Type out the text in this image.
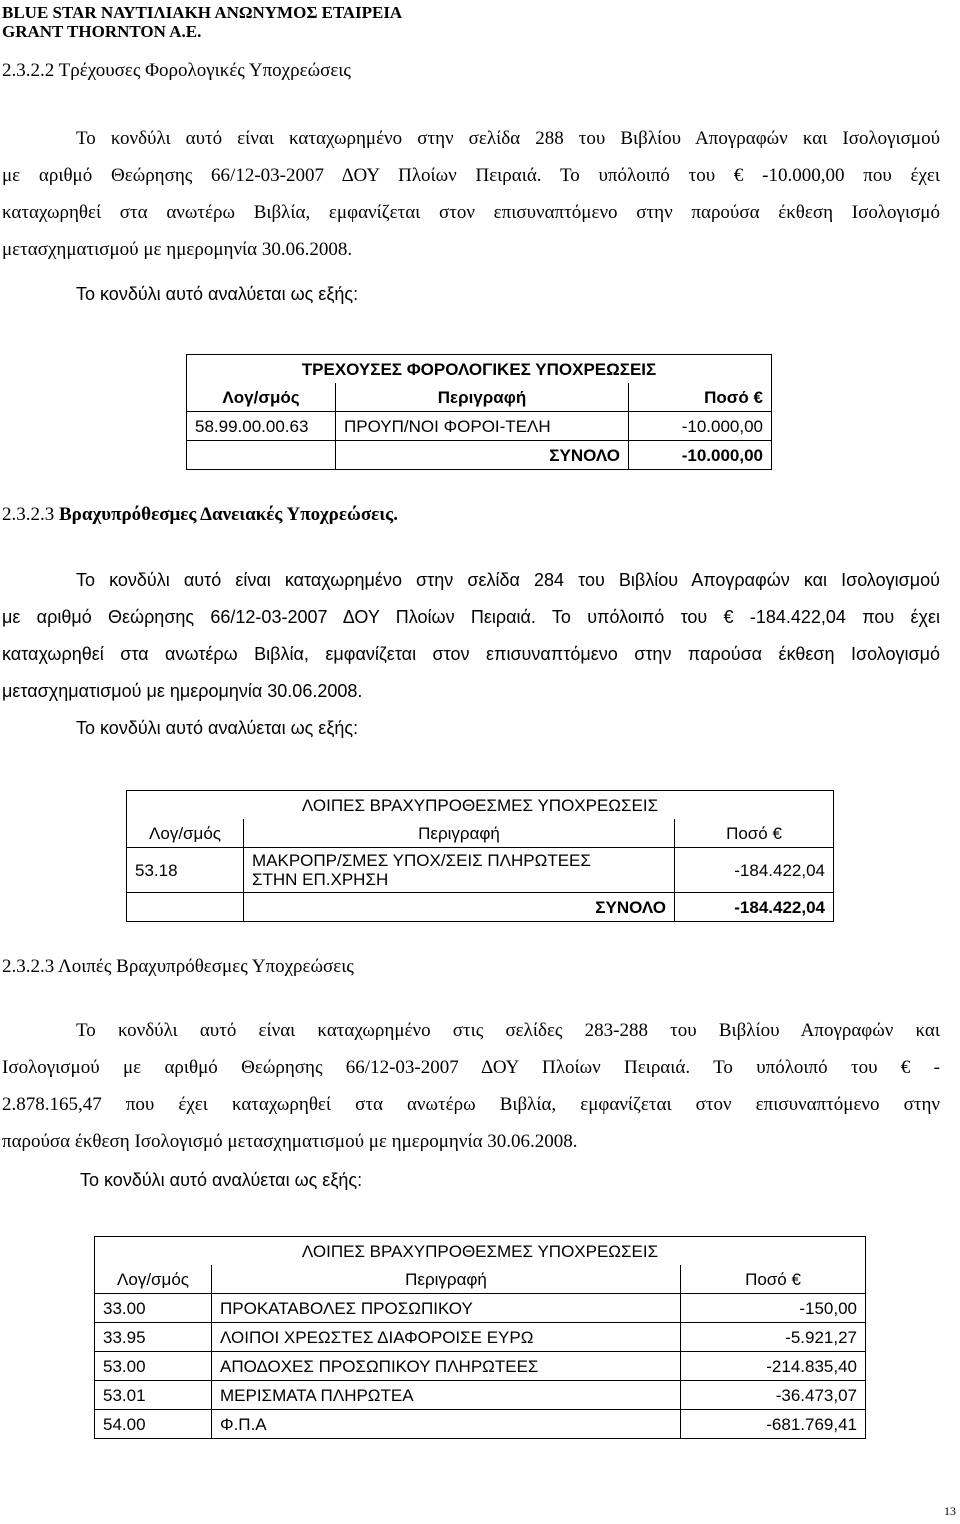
BLUE STAR ΝΑΥΤΙΛΙΑΚΗ ΑΝΩΝΥΜΟΣ ΕΤΑΙΡΕΙΑ

GRANT THORNTON A.E.

2.3.2.2 Τρέχουσες Φορολογικές Υποχρεώσεις

Το κονδύλι αυτό είναι καταχωρημένο στην σελίδα 288 του Βιβλίου Απογραφών και Ισολογισμού
με αριθμό Θεώρησης 66/12-03-2007 ΔΟΥ Πλοίων Πειραιά. Το υπόλοιπό του € -10.000,00 που έχει
καταχωρηθεί στα ανωτέρω Βιβλία, εμφανίζεται στον επισυναπτόμενο στην παρούσα έκθεση Ισολογισμό
μετασχηματισμού με ημερομηνία 30.06.2008.

Το κονδύλι αυτό αναλύεται ως εξής:

ΤΡΕΧΟΥΣΕΣ ΦΟΡΟΛΟΓΙΚΕΣ ΥΠΟΧΡΕΩΣΕΙΣ		
Λογ/σμός	Περιγραφή	Ποσό €
58.99.00.00.63	ΠΡΟΥΠ/ΝΟΙ ΦΟΡΟΙ-ΤΕΛΗ	-10.000,00
	ΣΥΝΟΛΟ	-10.000,00

2.3.2.3 Βραχυπρόθεσμες Δανειακές Υποχρεώσεις.

Το κονδύλι αυτό είναι καταχωρημένο στην σελίδα 284 του Βιβλίου Απογραφών και Ισολογισμού
με αριθμό Θεώρησης 66/12-03-2007 ΔΟΥ Πλοίων Πειραιά. Το υπόλοιπό του € -184.422,04 που έχει
καταχωρηθεί στα ανωτέρω Βιβλία, εμφανίζεται στον επισυναπτόμενο στην παρούσα έκθεση Ισολογισμό
μετασχηματισμού με ημερομηνία 30.06.2008.
Το κονδύλι αυτό αναλύεται ως εξής:
ΛΟΙΠΕΣ ΒΡΑΧΥΠΡΟΘΕΣΜΕΣ ΥΠΟΧΡΕΩΣΕΙΣ		
Λογ/σμός	Περιγραφή	Ποσό €
53.18	ΜΑΚΡΟΠΡ/ΣΜΕΣ ΥΠΟΧ/ΣΕΙΣ ΠΛΗΡΩΤΕΕΣ
ΣΤΗΝ ΕΠ.ΧΡΗΣΗ	-184.422,04
	ΣΥΝΟΛΟ	-184.422,04

2.3.2.3 Λοιπές Βραχυπρόθεσμες Υποχρεώσεις

Το κονδύλι αυτό είναι καταχωρημένο στις σελίδες 283-288 του Βιβλίου Απογραφών και
Ισολογισμού με αριθμό Θεώρησης 66/12-03-2007 ΔΟΥ Πλοίων Πειραιά. Το υπόλοιπό του € -
2.878.165,47 που έχει καταχωρηθεί στα ανωτέρω Βιβλία, εμφανίζεται στον επισυναπτόμενο στην
παρούσα έκθεση Ισολογισμό μετασχηματισμού με ημερομηνία 30.06.2008.

Το κονδύλι αυτό αναλύεται ως εξής:

ΛΟΙΠΕΣ ΒΡΑΧΥΠΡΟΘΕΣΜΕΣ ΥΠΟΧΡΕΩΣΕΙΣ		
Λογ/σμός	Περιγραφή	Ποσό €
33.00	ΠΡΟΚΑΤΑΒΟΛΕΣ ΠΡΟΣΩΠΙΚΟΥ	-150,00
33.95	ΛΟΙΠΟΙ ΧΡΕΩΣΤΕΣ ΔΙΑΦΟΡΟΙΣΕ ΕΥΡΩ	-5.921,27
53.00	ΑΠΟΔΟΧΕΣ ΠΡΟΣΩΠΙΚΟΥ ΠΛΗΡΩΤΕΕΣ	-214.835,40
53.01	ΜΕΡΙΣΜΑΤΑ ΠΛΗΡΩΤΕΑ	-36.473,07
54.00	Φ.Π.Α	-681.769,41
13
